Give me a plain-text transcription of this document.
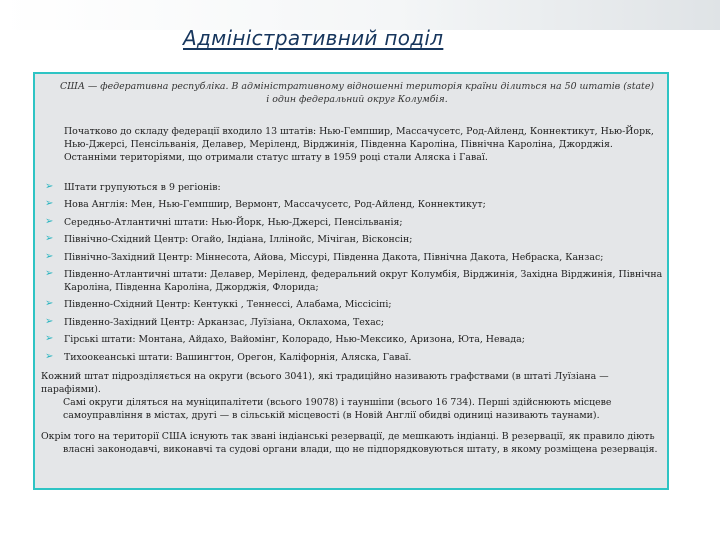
Адміністративний поділ
США — федеративна республіка. В адміністративному відношенні територія країни ділиться на 50 штатів (state) і один федеральний округ Колумбія.
Початково до складу федерації входило 13 штатів: Нью-Гемпшир, Массачусетс, Род-Айленд, Коннектикут, Нью-Йорк, Нью-Джерсі, Пенсільванія, Делавер, Меріленд, Вірджинія, Південна Кароліна, Північна Кароліна, Джорджія. Останніми територіями, що отримали статус штату в 1959 році стали Аляска і Гаваї.
➢ Штати групуються в 9 регіонів:
➢ Нова Англія: Мен, Нью-Гемпшир, Вермонт, Массачусетс, Род-Айленд, Коннектикут;
➢ Середньо-Атлантичні штати: Нью-Йорк, Нью-Джерсі, Пенсільванія;
➢ Північно-Східний Центр: Огайо, Індіана, Іллінойс, Мічіган, Вісконсін;
➢ Північно-Західний Центр: Міннесота, Айова, Міссурі, Південна Дакота, Північна Дакота, Небраска, Канзас;
➢ Південно-Атлантичні штати: Делавер, Меріленд, федеральний округ Колумбія, Вірджинія, Західна Вірджинія, Північна Кароліна, Південна Кароліна, Джорджія, Флорида;
➢ Південно-Східний Центр: Кентуккі , Теннессі, Алабама, Міссісіпі;
➢ Південно-Західний Центр: Арканзас, Луїзіана, Оклахома, Техас;
➢ Гірські штати: Монтана, Айдахо, Вайомінг, Колорадо, Нью-Мексико, Аризона, Юта, Невада;
➢ Тихоокеанські штати: Вашингтон, Орегон, Каліфорнія, Аляска, Гаваї.
Кожний штат підрозділяється на округи (всього 3041), які традиційно називають графствами (в штаті Луїзіана — парафіями).
Самі округи діляться на муніципалітети (всього 19078) і тауншіпи (всього 16 734). Перші здійснюють місцеве самоуправління в містах, другі — в сільській місцевості (в Новій Англії обидві одиниці називають таунами).
Окрім того на території США існують так звані індіанські резервації, де мешкають індіанці. В резервації, як правило діють
власні законодавчі, виконавчі та судові органи влади, що не підпорядковуються штату, в якому розміщена резервація.
